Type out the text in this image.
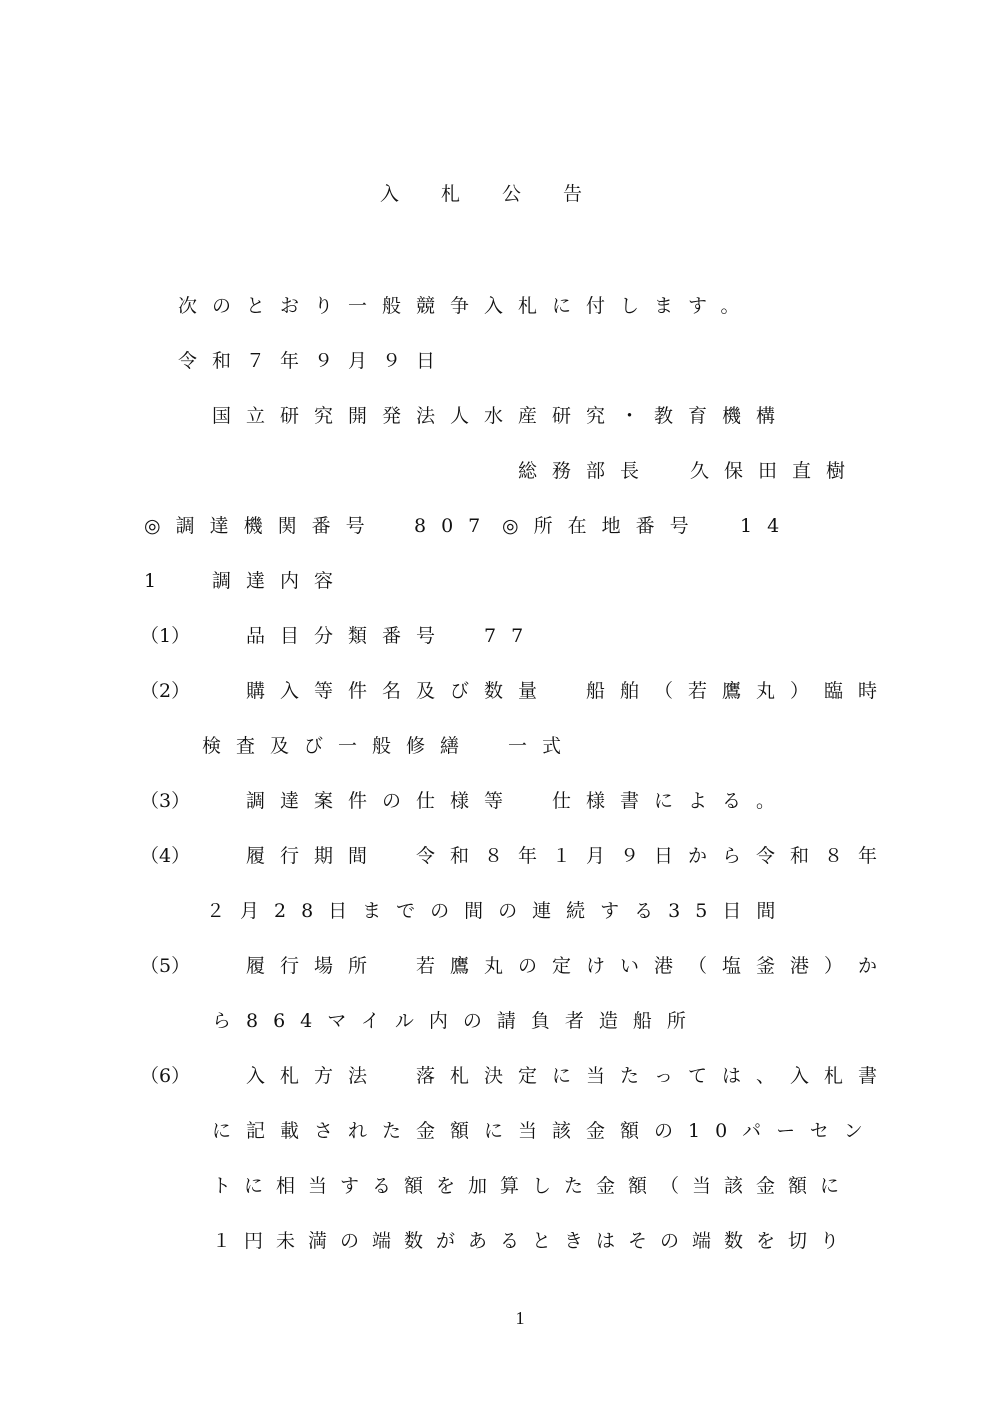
入札公告
次のとおり一般競争入札に付します。
令和７年９月９日
国立研究開発法人水産研究・教育機構
総務部長 久保田直樹
◎調達機関番号 807 ◎所在地番号 14
1	調達内容
（1）	品目分類番号　77
（2）	購入等件名及び数量　船舶（若鷹丸）臨時
検査及び一般修繕　一式
（3）	調達案件の仕様等　仕様書による。
（4）	履行期間　令和８年１月９日から令和８年
２月28日までの間の連続する35日間
（5）	履行場所　若鷹丸の定けい港（塩釜港）か
ら864マイル内の請負者造船所
（6）	入札方法　落札決定に当たっては、入札書
に記載された金額に当該金額の10パーセン
トに相当する額を加算した金額（当該金額に
１円未満の端数があるときはその端数を切り
1
